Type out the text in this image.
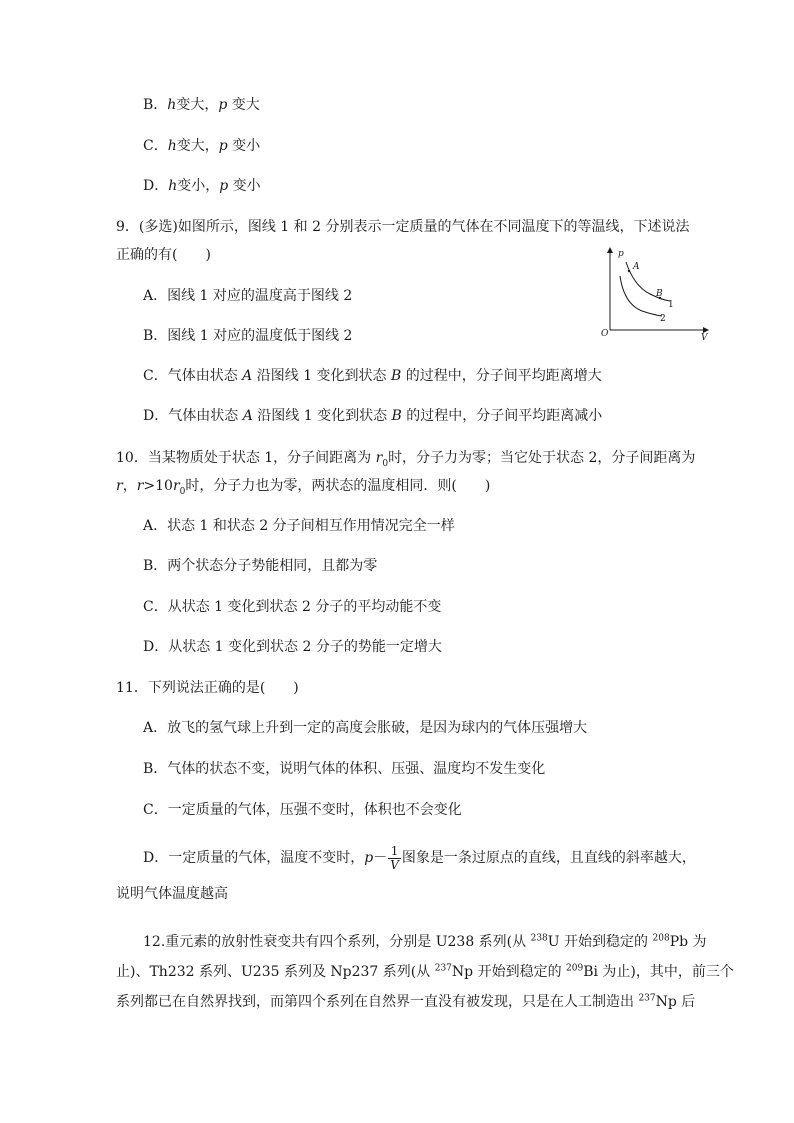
B．h变大，p 变大
C．h变大，p 变小
D．h变小，p 变小
9．(多选)如图所示，图线 1 和 2 分别表示一定质量的气体在不同温度下的等温线，下述说法
正确的有(　　)
A．图线 1 对应的温度高于图线 2
B．图线 1 对应的温度低于图线 2
C．气体由状态 A 沿图线 1 变化到状态 B 的过程中，分子间平均距离增大
D．气体由状态 A 沿图线 1 变化到状态 B 的过程中，分子间平均距离减小
p
V
O
A
B
1
2
10．当某物质处于状态 1，分子间距离为 $r_0$时，分子力为零；当它处于状态 2，分子间距离为
r，$r>10r_0$时，分子力也为零，两状态的温度相同．则(　　)
A．状态 1 和状态 2 分子间相互作用情况完全一样
B．两个状态分子势能相同，且都为零
C．从状态 1 变化到状态 2 分子的平均动能不变
D．从状态 1 变化到状态 2 分子的势能一定增大
11．下列说法正确的是(　　)
A．放飞的氢气球上升到一定的高度会胀破，是因为球内的气体压强增大
B．气体的状态不变，说明气体的体积、压强、温度均不发生变化
C．一定质量的气体，压强不变时，体积也不会变化
D．一定质量的气体，温度不变时，$p- \frac{1}{V}$ 图象是一条过原点的直线，且直线的斜率越大，
说明气体温度越高
12.重元素的放射性衰变共有四个系列，分别是 U238 系列(从 $^{238}$U 开始到稳定的 $^{208}$Pb 为
止)、Th232 系列、U235 系列及 Np237 系列(从 $^{237}$Np 开始到稳定的 $^{209}$Bi 为止)，其中，前三个
系列都已在自然界找到，而第四个系列在自然界一直没有被发现，只是在人工制造出 $^{237}$Np 后
